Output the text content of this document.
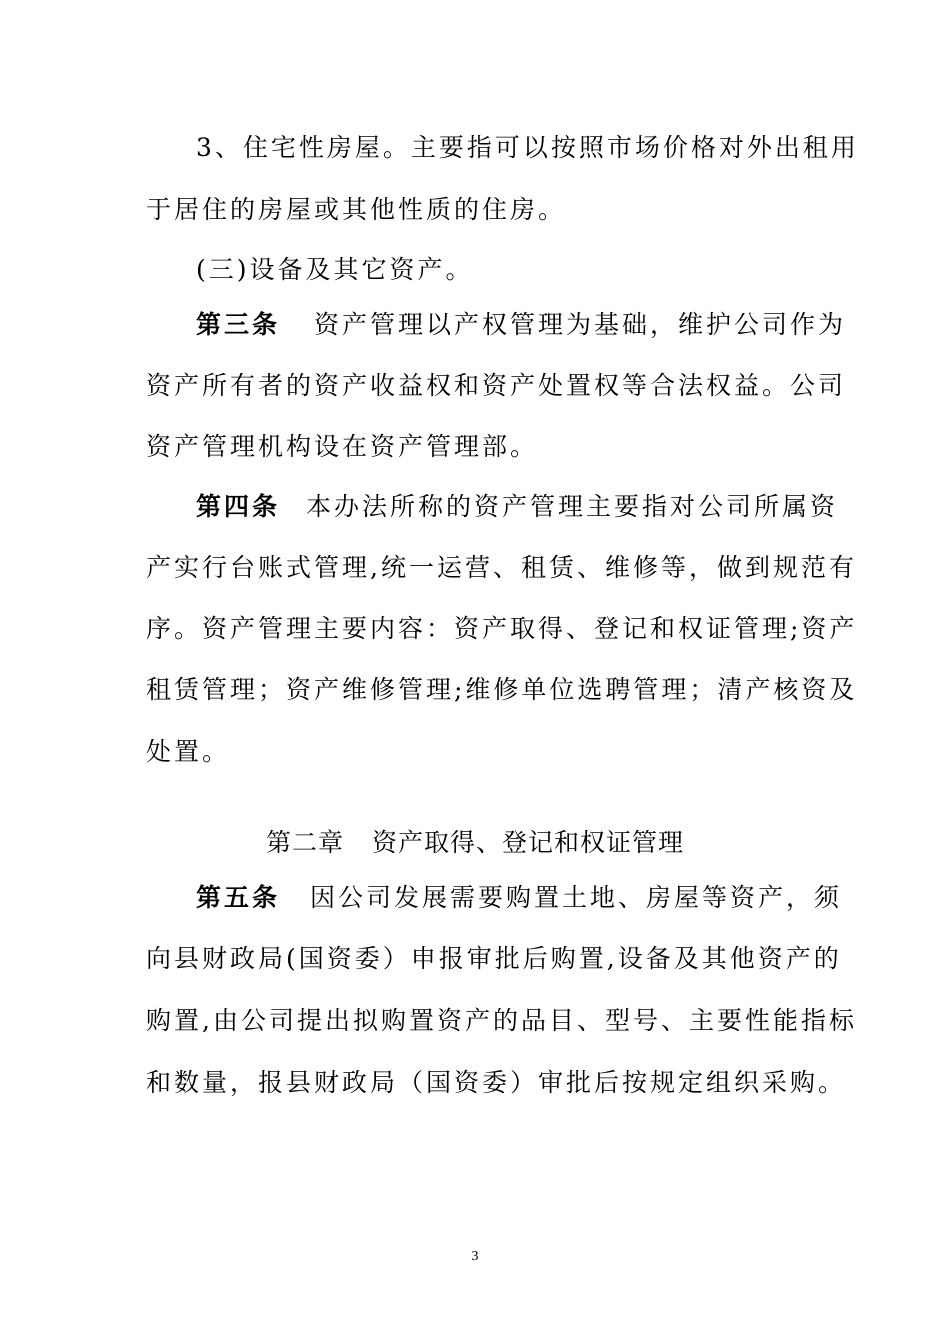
3、住宅性房屋。主要指可以按照市场价格对外出租用
于居住的房屋或其他性质的住房。
(三)设备及其它资产。
第三条 资产管理以产权管理为基础，维护公司作为
资产所有者的资产收益权和资产处置权等合法权益。公司
资产管理机构设在资产管理部。
第四条 本办法所称的资产管理主要指对公司所属资
产实行台账式管理,统一运营、租赁、维修等，做到规范有
序。资产管理主要内容：资产取得、登记和权证管理;资产
租赁管理；资产维修管理;维修单位选聘管理；清产核资及
处置。
第二章 资产取得、登记和权证管理
第五条 因公司发展需要购置土地、房屋等资产，须
向县财政局(国资委）申报审批后购置,设备及其他资产的
购置,由公司提出拟购置资产的品目、型号、主要性能指标
和数量，报县财政局（国资委）审批后按规定组织采购。
3
